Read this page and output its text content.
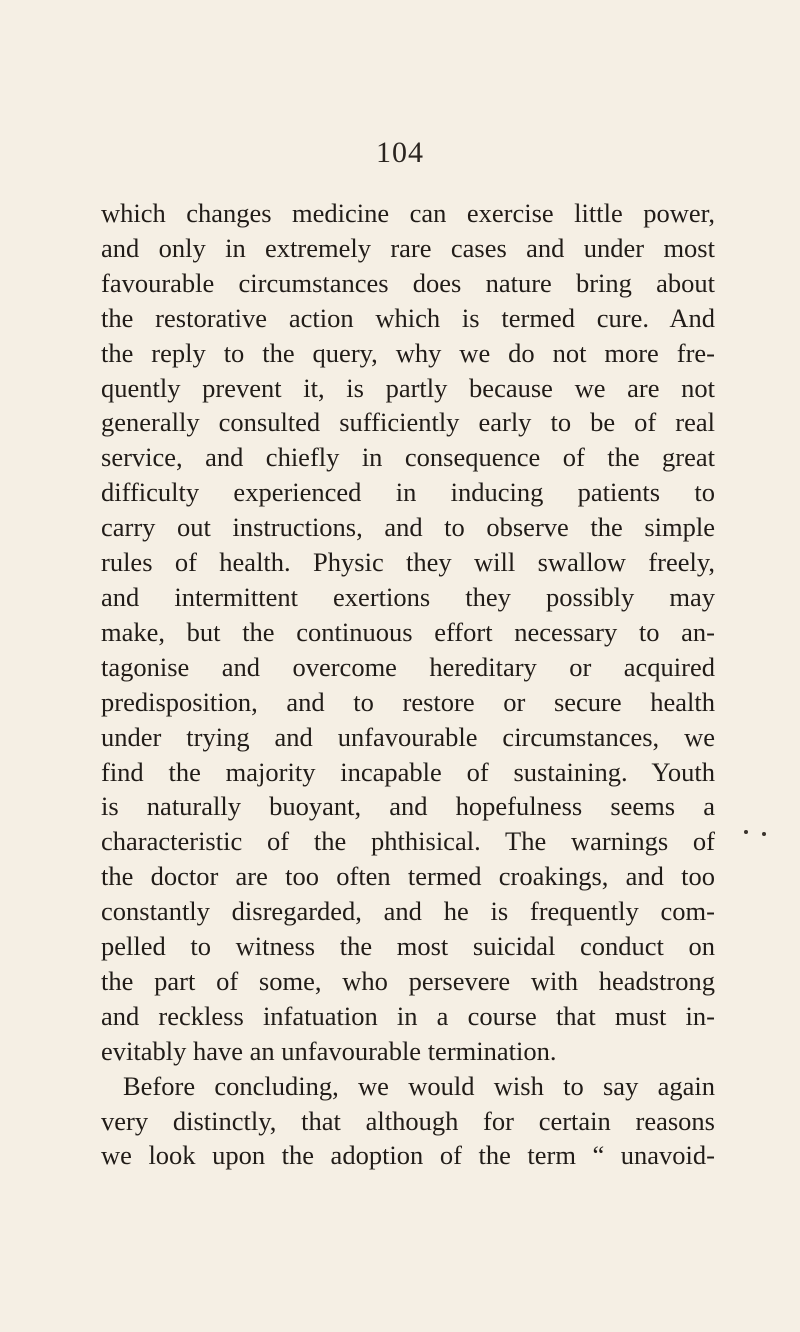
104
which changes medicine can exercise little power,
and only in extremely rare cases and under most
favourable circumstances does nature bring about
the restorative action which is termed cure. And
the reply to the query, why we do not more fre-
quently prevent it, is partly because we are not
generally consulted sufficiently early to be of real
service, and chiefly in consequence of the great
difficulty experienced in inducing patients to
carry out instructions, and to observe the simple
rules of health. Physic they will swallow freely,
and intermittent exertions they possibly may
make, but the continuous effort necessary to an-
tagonise and overcome hereditary or acquired
predisposition, and to restore or secure health
under trying and unfavourable circumstances, we
find the majority incapable of sustaining. Youth
is naturally buoyant, and hopefulness seems a
characteristic of the phthisical. The warnings of
the doctor are too often termed croakings, and too
constantly disregarded, and he is frequently com-
pelled to witness the most suicidal conduct on
the part of some, who persevere with headstrong
and reckless infatuation in a course that must in-
evitably have an unfavourable termination.
Before concluding, we would wish to say again
very distinctly, that although for certain reasons
we look upon the adoption of the term “ unavoid-
